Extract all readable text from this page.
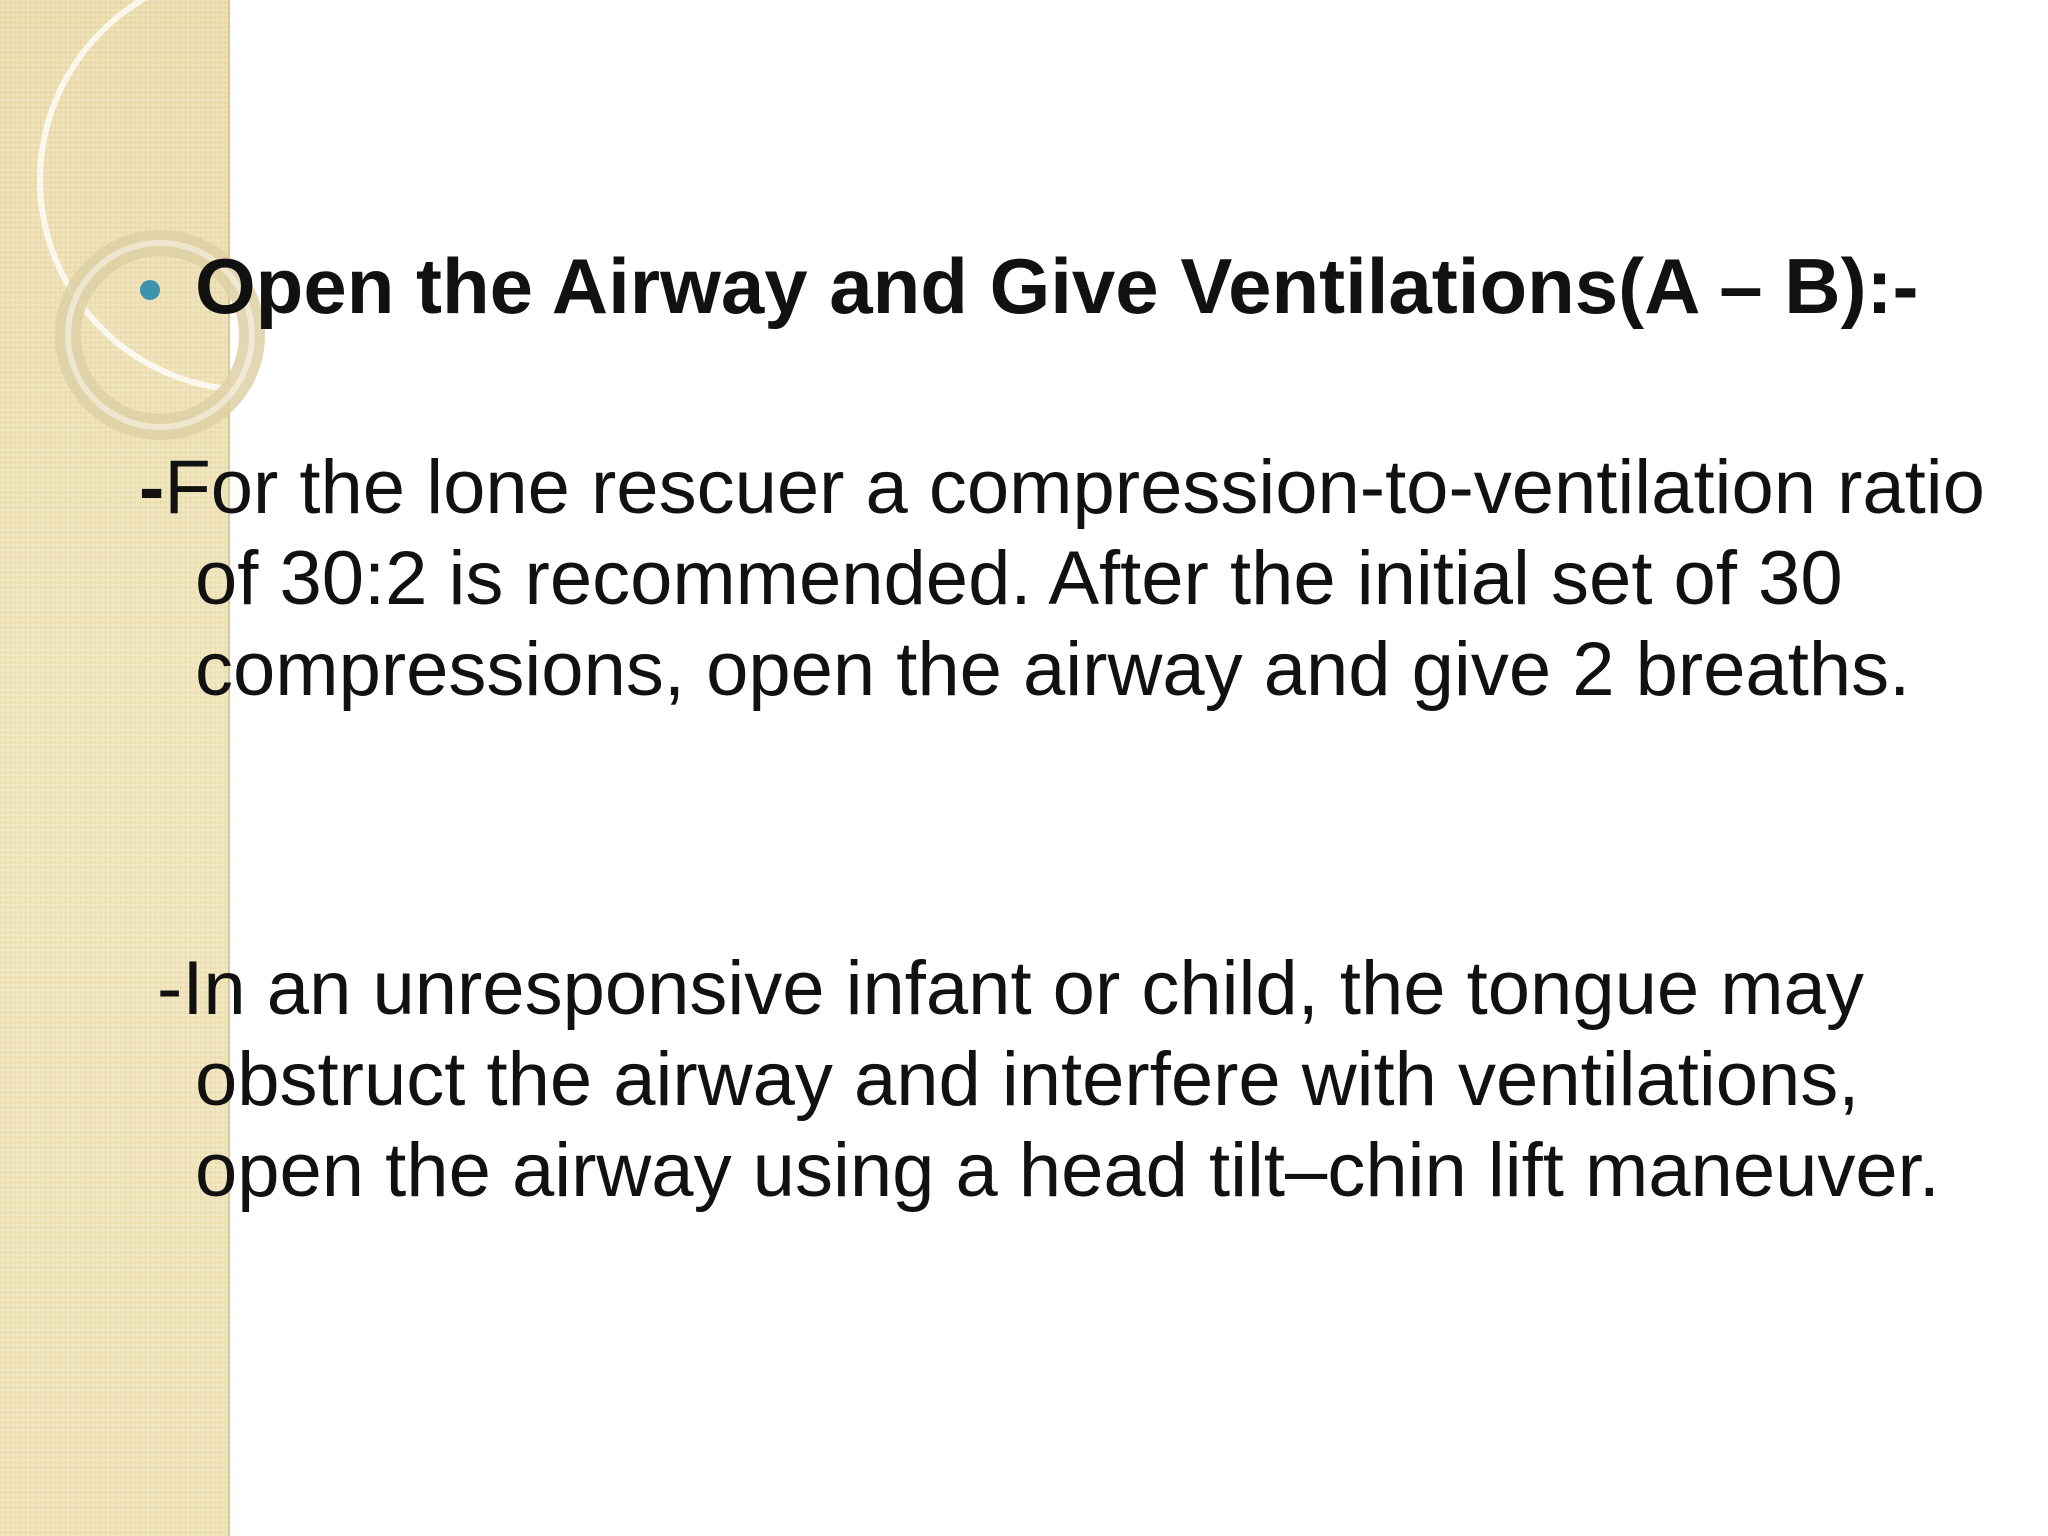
Open the Airway and Give Ventilations(A – B):-

-For the lone rescuer a compression-to-ventilation ratio of 30:2 is recommended. After the initial set of 30 compressions, open the airway and give 2 breaths.

-In an unresponsive infant or child, the tongue may obstruct the airway and interfere with ventilations, open the airway using a head tilt–chin lift maneuver.
